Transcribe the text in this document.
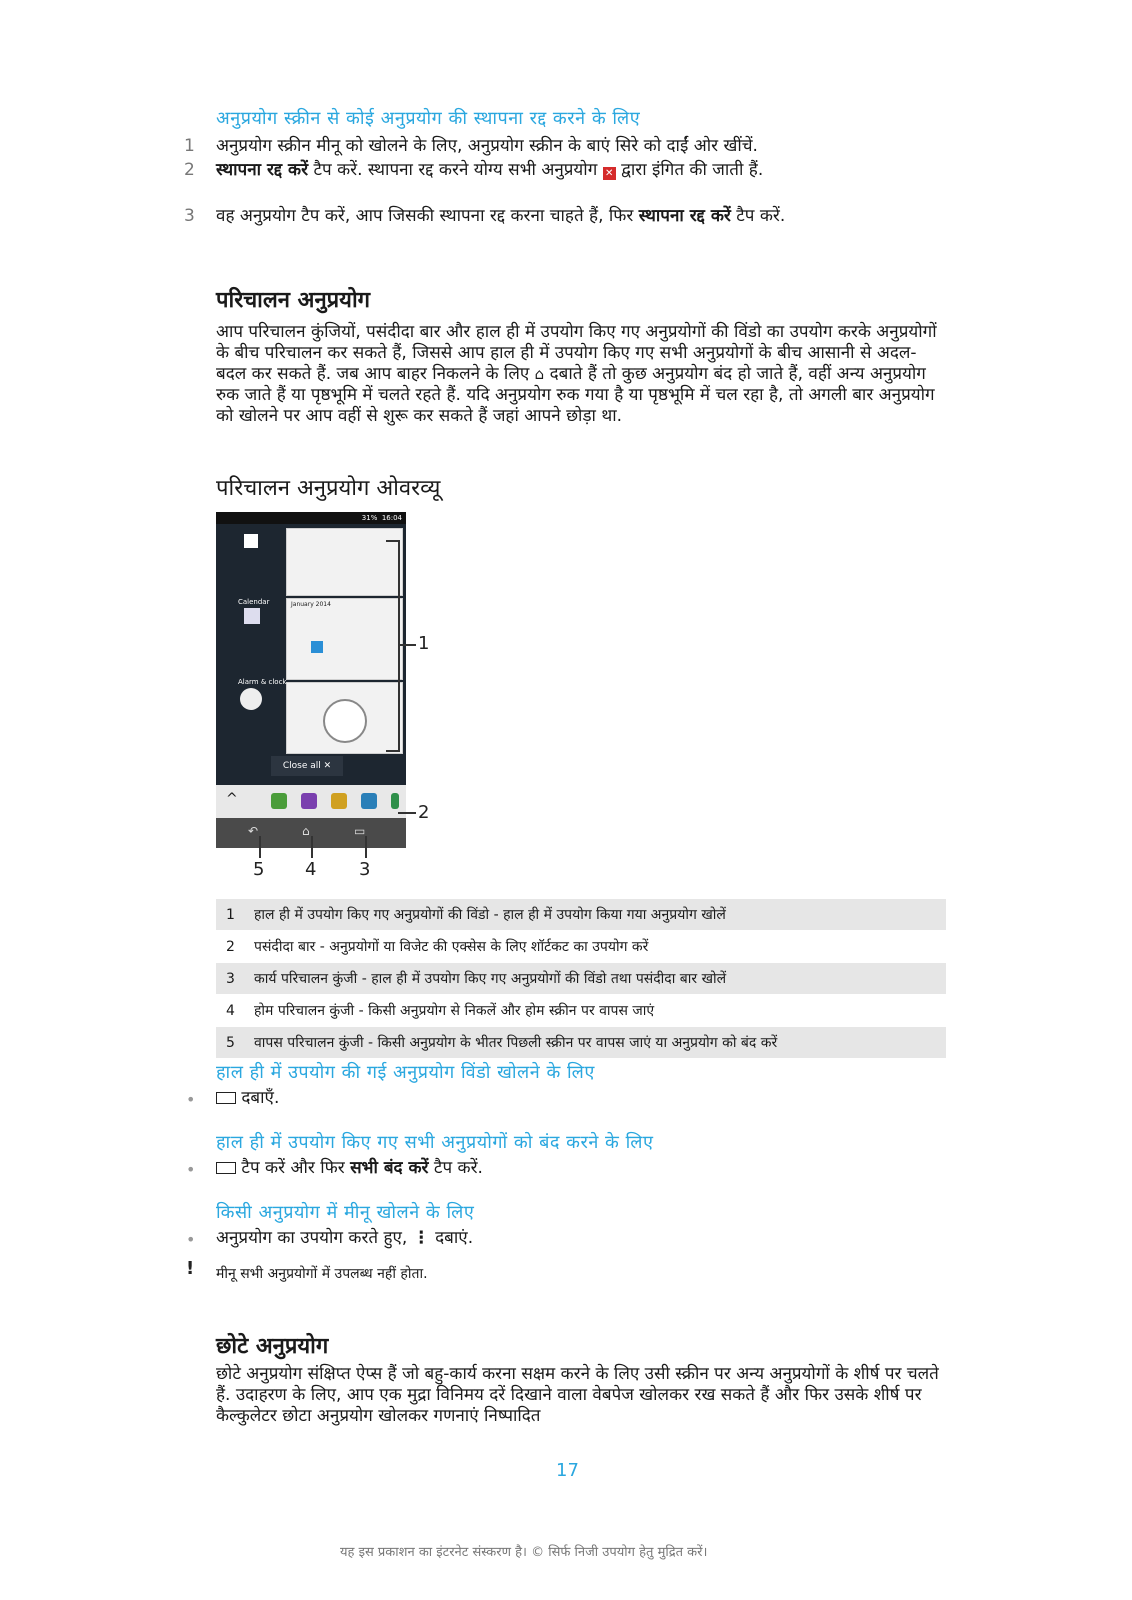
अनुप्रयोग स्क्रीन से कोई अनुप्रयोग की स्थापना रद्द करने के लिए
1	अनुप्रयोग स्क्रीन मीनू को खोलने के लिए, अनुप्रयोग स्क्रीन के बाएं सिरे को दाईं ओर खींचें.
2	स्थापना रद्द करें टैप करें. स्थापना रद्द करने योग्य सभी अनुप्रयोग ✕ द्वारा इंगित की जाती हैं.
3	वह अनुप्रयोग टैप करें, आप जिसकी स्थापना रद्द करना चाहते हैं, फिर स्थापना रद्द करें टैप करें.
परिचालन अनुप्रयोग
आप परिचालन कुंजियों, पसंदीदा बार और हाल ही में उपयोग किए गए अनुप्रयोगों की विंडो का उपयोग करके अनुप्रयोगों के बीच परिचालन कर सकते हैं, जिससे आप हाल ही में उपयोग किए गए सभी अनुप्रयोगों के बीच आसानी से अदल-बदल कर सकते हैं. जब आप बाहर निकलने के लिए ⌂ दबाते हैं तो कुछ अनुप्रयोग बंद हो जाते हैं, वहीं अन्य अनुप्रयोग रुक जाते हैं या पृष्ठभूमि में चलते रहते हैं. यदि अनुप्रयोग रुक गया है या पृष्ठभूमि में चल रहा है, तो अगली बार अनुप्रयोग को खोलने पर आप वहीं से शुरू कर सकते हैं जहां आपने छोड़ा था.
परिचालन अनुप्रयोग ओवरव्यू
31% 16:04
January 2014
Calendar
Alarm & clock
Close all ✕
^
↶	⌂	▭
1
2
3
4
5
1	हाल ही में उपयोग किए गए अनुप्रयोगों की विंडो - हाल ही में उपयोग किया गया अनुप्रयोग खोलें
2	पसंदीदा बार - अनुप्रयोगों या विजेट की एक्सेस के लिए शॉर्टकट का उपयोग करें
3	कार्य परिचालन कुंजी - हाल ही में उपयोग किए गए अनुप्रयोगों की विंडो तथा पसंदीदा बार खोलें
4	होम परिचालन कुंजी - किसी अनुप्रयोग से निकलें और होम स्क्रीन पर वापस जाएं
5	वापस परिचालन कुंजी - किसी अनुप्रयोग के भीतर पिछली स्क्रीन पर वापस जाएं या अनुप्रयोग को बंद करें
हाल ही में उपयोग की गई अनुप्रयोग विंडो खोलने के लिए
•	दबाएँ.
हाल ही में उपयोग किए गए सभी अनुप्रयोगों को बंद करने के लिए
•	टैप करें और फिर सभी बंद करें टैप करें.
किसी अनुप्रयोग में मीनू खोलने के लिए
• अनुप्रयोग का उपयोग करते हुए, ⋮ दबाएं.
! मीनू सभी अनुप्रयोगों में उपलब्ध नहीं होता.
छोटे अनुप्रयोग
छोटे अनुप्रयोग संक्षिप्त ऐप्स हैं जो बहु-कार्य करना सक्षम करने के लिए उसी स्क्रीन पर अन्य अनुप्रयोगों के शीर्ष पर चलते हैं. उदाहरण के लिए, आप एक मुद्रा विनिमय दरें दिखाने वाला वेबपेज खोलकर रख सकते हैं और फिर उसके शीर्ष पर कैल्कुलेटर छोटा अनुप्रयोग खोलकर गणनाएं निष्पादित
17
यह इस प्रकाशन का इंटरनेट संस्करण है। © सिर्फ निजी उपयोग हेतु मुद्रित करें।
